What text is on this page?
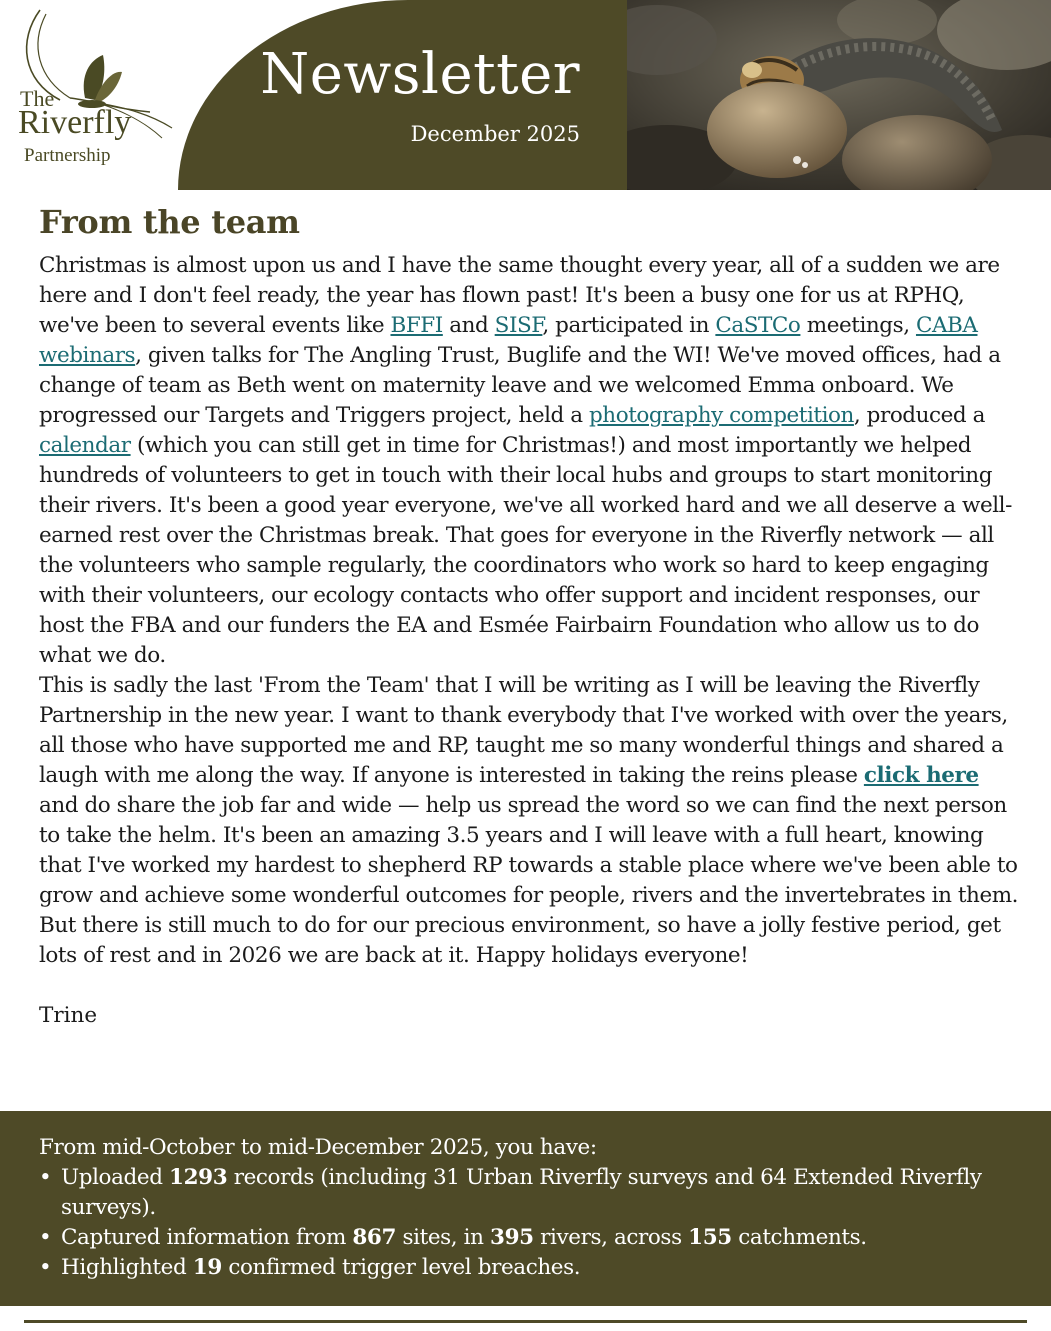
The
Riverfly
Partnership
Newsletter
December 2025
From the team

Christmas is almost upon us and I have the same thought every year, all of a sudden we are here and I don't feel ready, the year has flown past! It's been a busy one for us at RPHQ, we've been to several events like BFFI and SISF, participated in CaSTCo meetings, CABA webinars, given talks for The Angling Trust, Buglife and the WI! We've moved offices, had a change of team as Beth went on maternity leave and we welcomed Emma onboard. We progressed our Targets and Triggers project, held a photography competition, produced a calendar (which you can still get in time for Christmas!) and most importantly we helped hundreds of volunteers to get in touch with their local hubs and groups to start monitoring their rivers. It's been a good year everyone, we've all worked hard and we all deserve a well-earned rest over the Christmas break. That goes for everyone in the Riverfly network — all the volunteers who sample regularly, the coordinators who work so hard to keep engaging with their volunteers, our ecology contacts who offer support and incident responses, our host the FBA and our funders the EA and Esmée Fairbairn Foundation who allow us to do what we do.

This is sadly the last 'From the Team' that I will be writing as I will be leaving the Riverfly Partnership in the new year. I want to thank everybody that I've worked with over the years, all those who have supported me and RP, taught me so many wonderful things and shared a laugh with me along the way. If anyone is interested in taking the reins please click here and do share the job far and wide — help us spread the word so we can find the next person to take the helm. It's been an amazing 3.5 years and I will leave with a full heart, knowing that I've worked my hardest to shepherd RP towards a stable place where we've been able to grow and achieve some wonderful outcomes for people, rivers and the invertebrates in them. But there is still much to do for our precious environment, so have a jolly festive period, get lots of rest and in 2026 we are back at it. Happy holidays everyone!

Trine

From mid-October to mid-December 2025, you have:
• Uploaded 1293 records (including 31 Urban Riverfly surveys and 64 Extended Riverfly surveys).
• Captured information from 867 sites, in 395 rivers, across 155 catchments.
• Highlighted 19 confirmed trigger level breaches.
